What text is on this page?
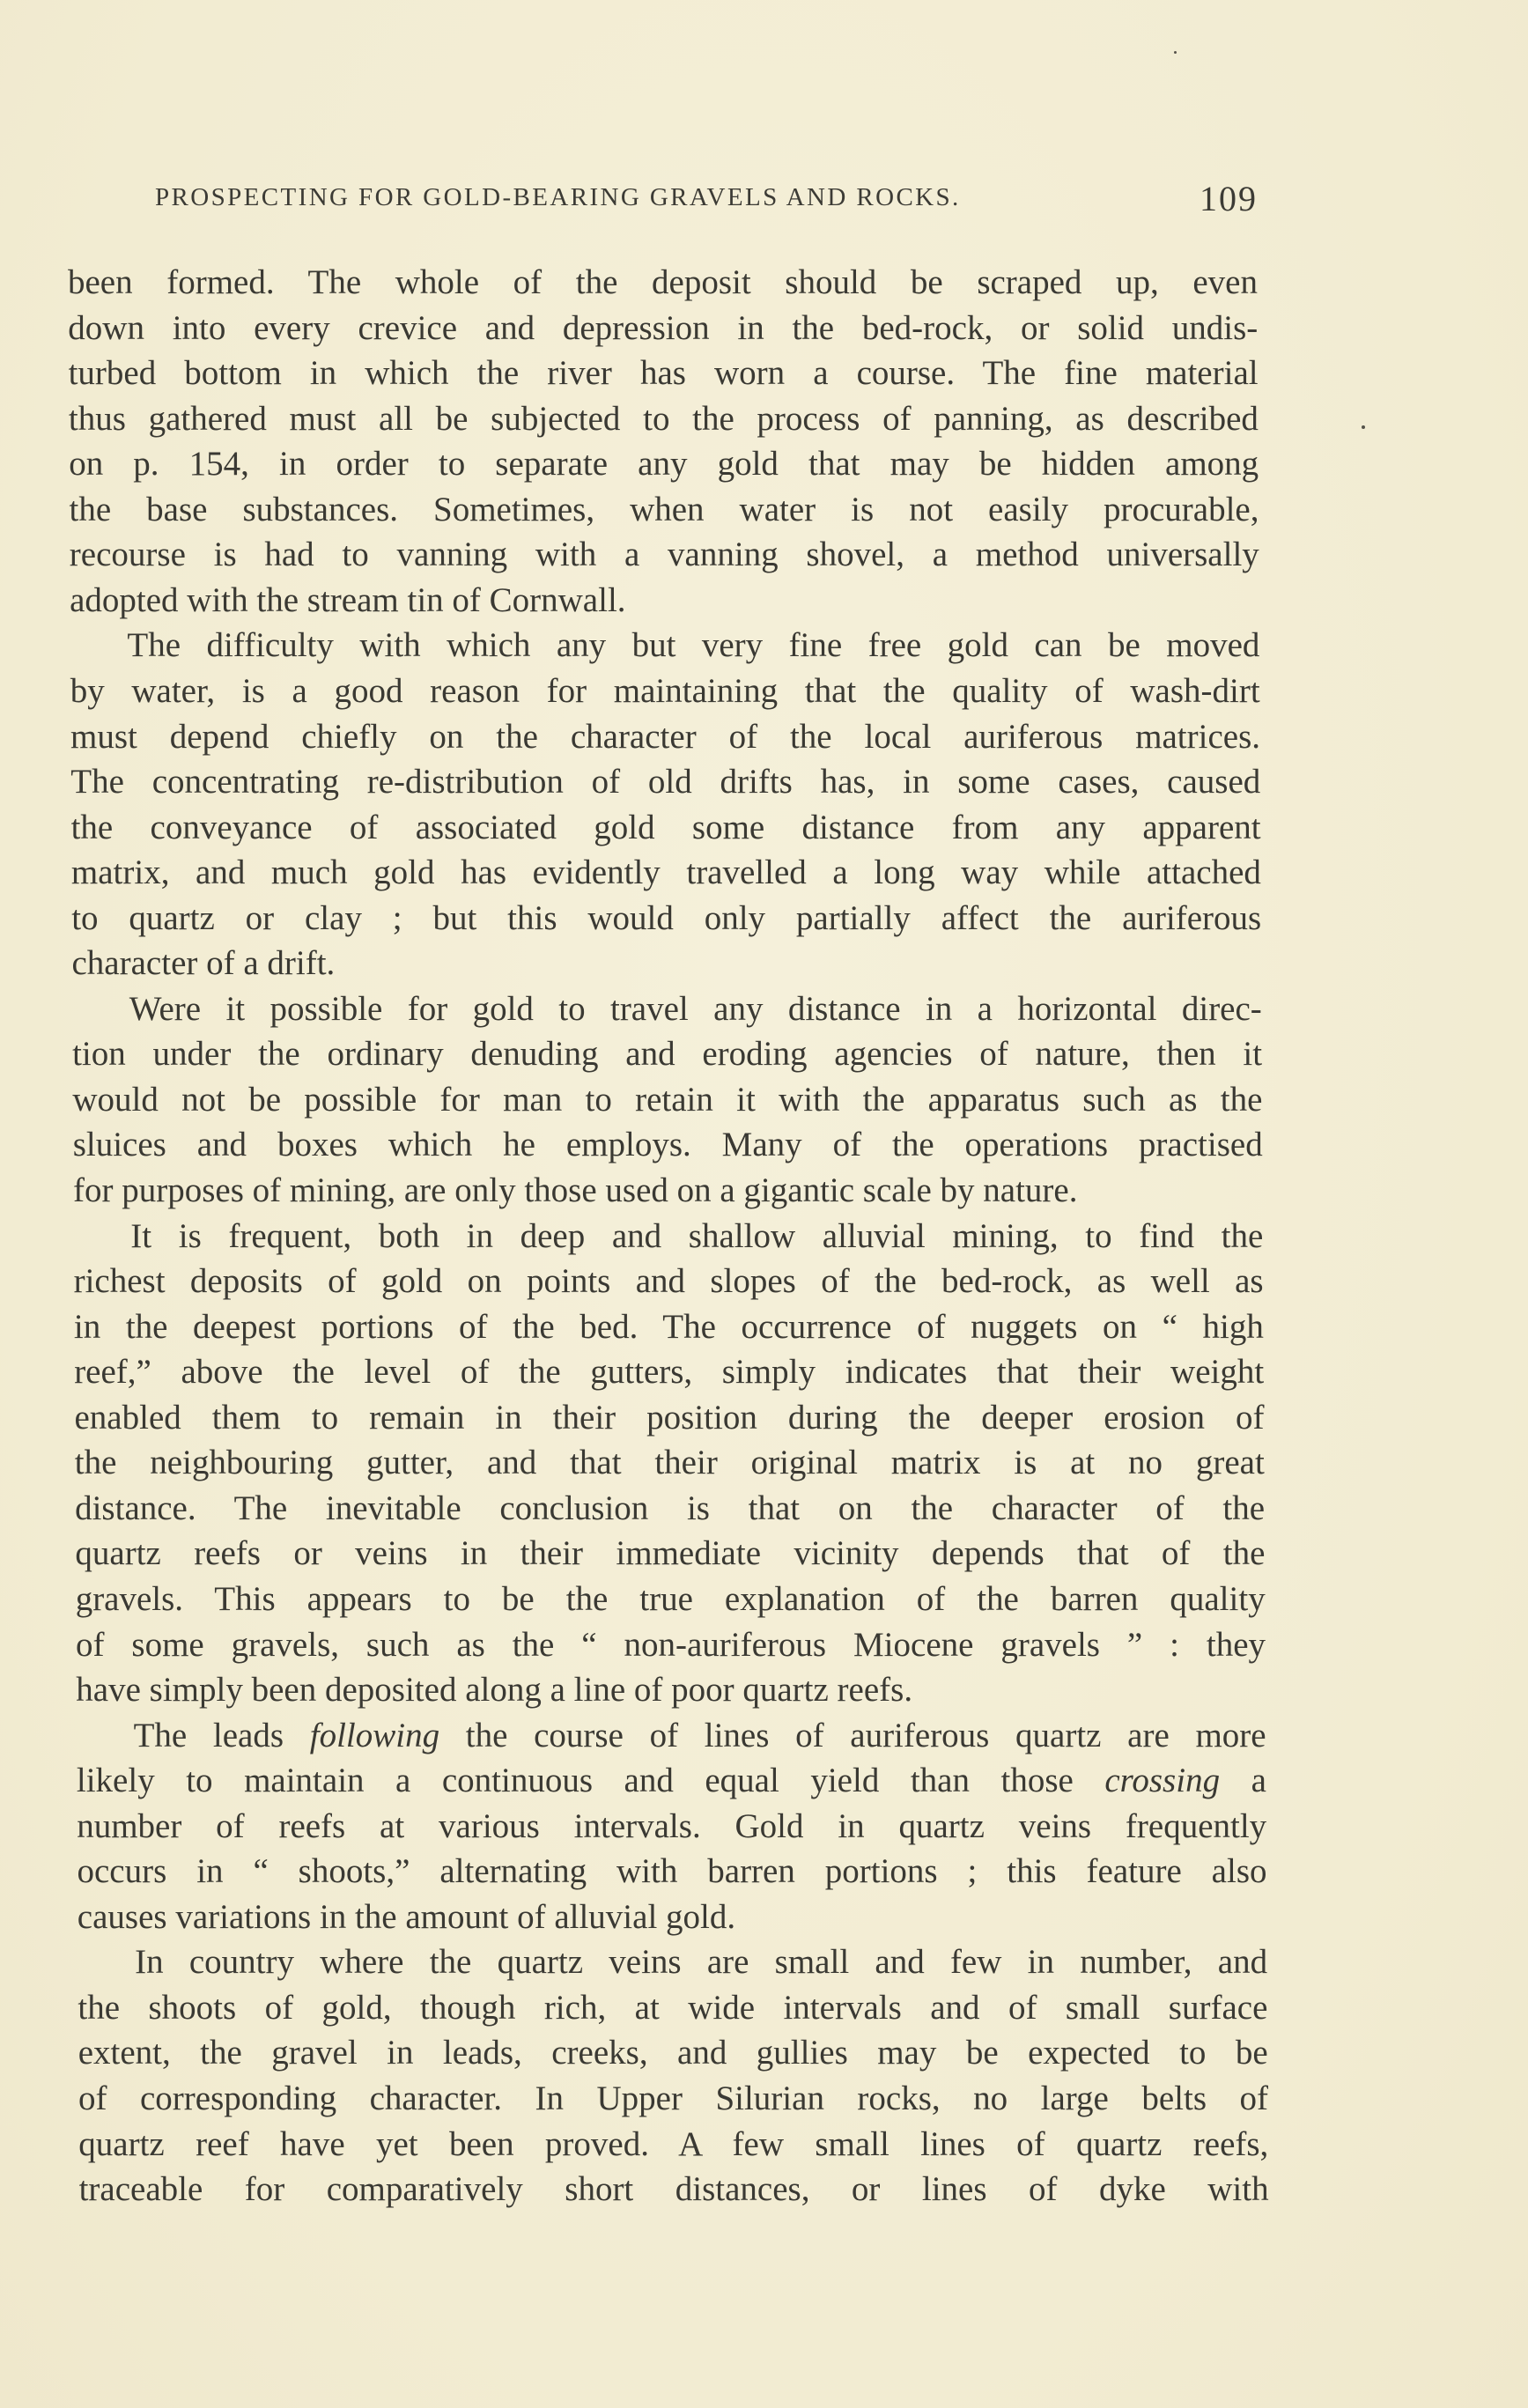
PROSPECTING FOR GOLD-BEARING GRAVELS AND ROCKS.	109
been formed. The whole of the deposit should be scraped up, even
down into every crevice and depression in the bed-rock, or solid undis-
turbed bottom in which the river has worn a course. The fine material
thus gathered must all be subjected to the process of panning, as described
on p. 154, in order to separate any gold that may be hidden among
the base substances. Sometimes, when water is not easily procurable,
recourse is had to vanning with a vanning shovel, a method universally
adopted with the stream tin of Cornwall.
The difficulty with which any but very fine free gold can be moved
by water, is a good reason for maintaining that the quality of wash-dirt
must depend chiefly on the character of the local auriferous matrices.
The concentrating re-distribution of old drifts has, in some cases, caused
the conveyance of associated gold some distance from any apparent
matrix, and much gold has evidently travelled a long way while attached
to quartz or clay ; but this would only partially affect the auriferous
character of a drift.
Were it possible for gold to travel any distance in a horizontal direc-
tion under the ordinary denuding and eroding agencies of nature, then it
would not be possible for man to retain it with the apparatus such as the
sluices and boxes which he employs. Many of the operations practised
for purposes of mining, are only those used on a gigantic scale by nature.
It is frequent, both in deep and shallow alluvial mining, to find the
richest deposits of gold on points and slopes of the bed-rock, as well as
in the deepest portions of the bed. The occurrence of nuggets on “ high
reef,” above the level of the gutters, simply indicates that their weight
enabled them to remain in their position during the deeper erosion of
the neighbouring gutter, and that their original matrix is at no great
distance. The inevitable conclusion is that on the character of the
quartz reefs or veins in their immediate vicinity depends that of the
gravels. This appears to be the true explanation of the barren quality
of some gravels, such as the “ non-auriferous Miocene gravels ” : they
have simply been deposited along a line of poor quartz reefs.
The leads following the course of lines of auriferous quartz are more
likely to maintain a continuous and equal yield than those crossing a
number of reefs at various intervals. Gold in quartz veins frequently
occurs in “ shoots,” alternating with barren portions ; this feature also
causes variations in the amount of alluvial gold.
In country where the quartz veins are small and few in number, and
the shoots of gold, though rich, at wide intervals and of small surface
extent, the gravel in leads, creeks, and gullies may be expected to be
of corresponding character. In Upper Silurian rocks, no large belts of
quartz reef have yet been proved. A few small lines of quartz reefs,
traceable for comparatively short distances, or lines of dyke with
